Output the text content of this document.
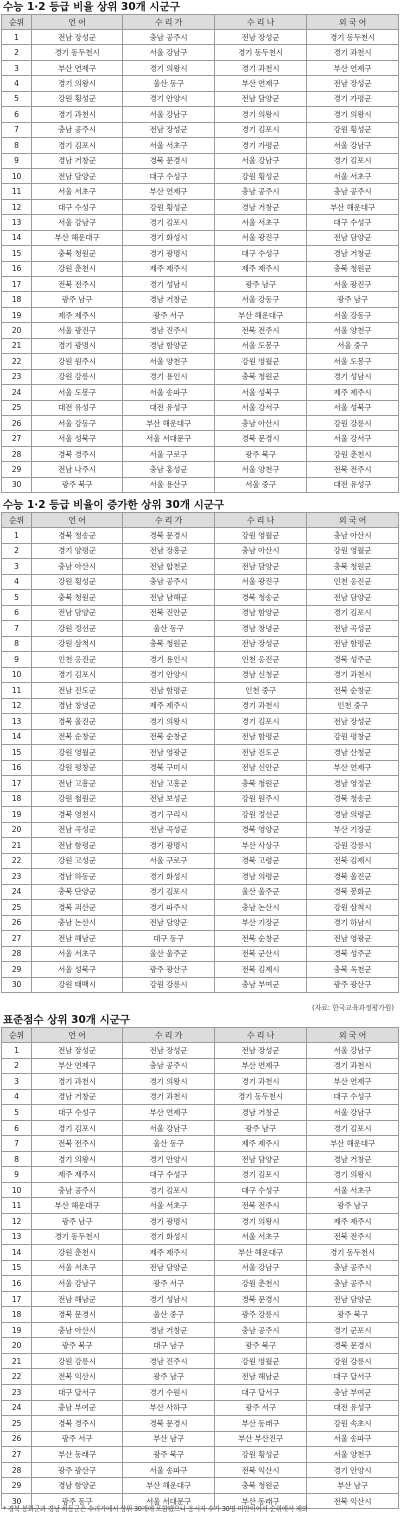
수능 1·2 등급 비율 상위 30개 시군구
순위	언 어	수 리 가	수 리 나	외 국 어
1	전남 장성군	충남 공주시	전남 장성군	경기 동두천시
2	경기 동두천시	서울 강남구	경기 동두천시	경기 과천시
3	부산 연제구	경기 의왕시	경기 과천시	부산 연제구
4	경기 의왕시	울산 동구	부산 연제구	전남 장성군
5	강원 횡성군	경기 안양시	전남 담양군	경기 가평군
6	경기 과천시	서울 강남구	경기 의왕시	경기 의왕시
7	충남 공주시	전남 장성군	경기 김포시	강원 횡성군
8	경기 김포시	서울 서초구	경기 가평군	서울 강남구
9	경남 거창군	경북 문경시	서울 강남구	경기 김포시
10	전남 담양군	대구 수성구	강원 횡성군	서울 서초구
11	서울 서초구	부산 연제구	충남 공주시	충남 공주시
12	대구 수성구	강원 횡성군	경남 거창군	부산 해운대구
13	서울 강남구	경기 김포시	서울 서초구	대구 수성구
14	부산 해운대구	경기 화성시	서울 광진구	전남 담양군
15	충북 청원군	경기 광명시	대구 수성구	경남 거창군
16	강원 춘천시	제주 제주시	제주 제주시	충북 청원군
17	전북 전주시	경기 성남시	광주 남구	서울 광진구
18	광주 남구	경남 거창군	서울 강동구	광주 남구
19	제주 제주시	광주 서구	부산 해운대구	서울 강동구
20	서울 광진구	경남 진주시	전북 전주시	서울 양천구
21	경기 광명시	경남 함양군	서울 도봉구	서울 중구
22	강원 원주시	서울 양천구	강원 영월군	서울 도봉구
23	강원 강릉시	경기 용인시	충북 청원군	경기 성남시
24	서울 도봉구	서울 송파구	서울 성북구	제주 제주시
25	대전 유성구	대전 유성구	서울 강서구	서울 성북구
26	서울 강동구	부산 해운대구	충남 아산시	강원 강릉시
27	서울 성북구	서울 서대문구	경북 문경시	서울 강서구
28	경북 경주시	서울 구로구	광주 북구	강원 춘천시
29	전남 나주시	충남 홍성군	서울 양천구	전북 전주시
30	광주 북구	서울 용산구	서울 중구	대전 유성구
수능 1·2 등급 비율이 증가한 상위 30개 시군구
순위	언 어	수 리 가	수 리 나	외 국 어
1	경북 청송군	경북 문경시	강원 영월군	충남 아산시
2	경기 양평군	전남 장흥군	충남 아산시	강원 영월군
3	충남 아산시	전남 합천군	전남 담양군	충북 청원군
4	강원 횡성군	충남 공주시	서울 광진구	인천 옹진군
5	충북 청원군	전남 남해군	경북 청송군	전남 담양군
6	전남 담양군	전북 진안군	경남 함양군	경기 김포시
7	강원 정선군	울산 동구	경남 창녕군	전남 곡성군
8	강원 삼척시	충북 청원군	전남 장성군	전남 함평군
9	인천 옹진군	경기 용인시	인천 옹진군	경북 성주군
10	경기 김포시	경기 안양시	경남 신청군	경기 과천시
11	전남 진도군	전남 함평군	인천 중구	전북 순창군
12	경남 창녕군	제주 제주시	경기 과천시	인천 중구
13	경북 울진군	경기 의왕시	경기 김포시	전남 장성군
14	전북 순창군	전북 순창군	전남 함평군	강원 평창군
15	강원 영월군	전남 영광군	전남 진도군	경남 산청군
16	강원 평창군	경북 구미시	전남 신안군	부산 연제구
17	전남 고흥군	전남 고흥군	충북 청원군	경남 영정군
18	강원 철원군	전남 보성군	강원 원주시	경북 청송군
19	경북 영천시	경기 구리시	강원 정선군	경남 의령군
20	전남 곡성군	전남 곡성군	경북 영양군	부산 기장군
21	전남 함평군	경기 광명시	부산 사상구	강원 강릉시
22	강원 고성군	서울 구로구	경북 고령군	전북 김제시
23	경남 하동군	경기 화성시	경남 의령군	경북 울진군
24	충북 단양군	경기 김포시	울산 울주군	경북 봉화군
25	경북 괴산군	경기 파주시	충남 논산시	강원 삼척시
26	충남 논산시	전남 담양군	부산 기장군	경기 하남시
27	전남 해남군	대구 동구	전북 순창군	전남 영광군
28	서울 서초구	울산 울주군	전북 군산시	경북 성주군
29	서울 성북구	광주 광산구	전북 김제시	충북 옥천군
30	강원 태백시	강원 강릉시	충남 부여군	광주 광산구
(자료: 한국교육과정평가원)
표준점수 상위 30개 시군구
순위	언 어	수 리 가	수 리 나	외 국 어
1	전남 장성군	전남 장성군	전남 장성군	서울 강남구
2	부산 연제구	충남 공주시	부산 연제구	경기 과천시
3	경기 과천시	경기 의왕시	경기 과천시	부산 연제구
4	경남 거창군	경기 과천시	경기 동두천시	대구 수성구
5	대구 수성구	부산 연제구	경남 거창군	서울 강남구
6	경기 김포시	서울 강남구	광주 남구	경기 김포시
7	전북 전주시	울산 동구	제주 제주시	부산 해운대구
8	경기 의왕시	경기 안양시	전남 담양군	경남 거창군
9	제주 제주시	대구 수성구	경기 김포시	경기 의왕시
10	충남 공주시	경기 김포시	대구 수성구	서울 서초구
11	부산 해운대구	서울 서초구	전북 전주시	광주 남구
12	광주 남구	경기 광명시	경기 의왕시	제주 제주시
13	경기 동두천시	경기 화성시	서울 서초구	전북 전주시
14	강원 춘천시	제주 제주시	부산 해운대구	경기 동두천시
15	서울 서초구	전남 담양군	서울 강남구	충남 공주시
16	서울 강남구	광주 서구	강원 춘천시	충남 공주시
17	전남 해남군	경기 성남시	경북 문경시	전남 담양군
18	경북 문경시	울산 중구	광주 강릉시	광주 북구
19	충남 아산시	경남 거창군	충남 공주시	경기 군포시
20	광주 북구	대구 남구	광주 북구	경북 문경시
21	강원 강릉시	경남 진주시	강원 영월군	강원 강릉시
22	전북 익산시	광주 남구	전남 해남군	대구 달서구
23	대구 달서구	경기 수원시	대구 달서구	충남 부여군
24	충남 부여군	부산 사하구	광주 서구	대전 유성구
25	경북 경주시	경북 문경시	부산 동래구	강원 속초시
26	광주 서구	부산 남구	부산 부산진구	서울 송파구
27	부산 동래구	광주 북구	강원 횡성군	서울 양천구
28	광주 광산구	서울 송파구	전북 익산시	경기 안양시
29	경남 함양군	부산 해운대구	충북 청원군	부산 남구
30	광주 동구	서울 서대문구	부산 동래구	전북 익산시
* 경북 봉화군과 경남 하동군은 수리가에서 상위 30개에 포함됐으나 응시자 수가 30명 미만이어서 순위에서 제외
